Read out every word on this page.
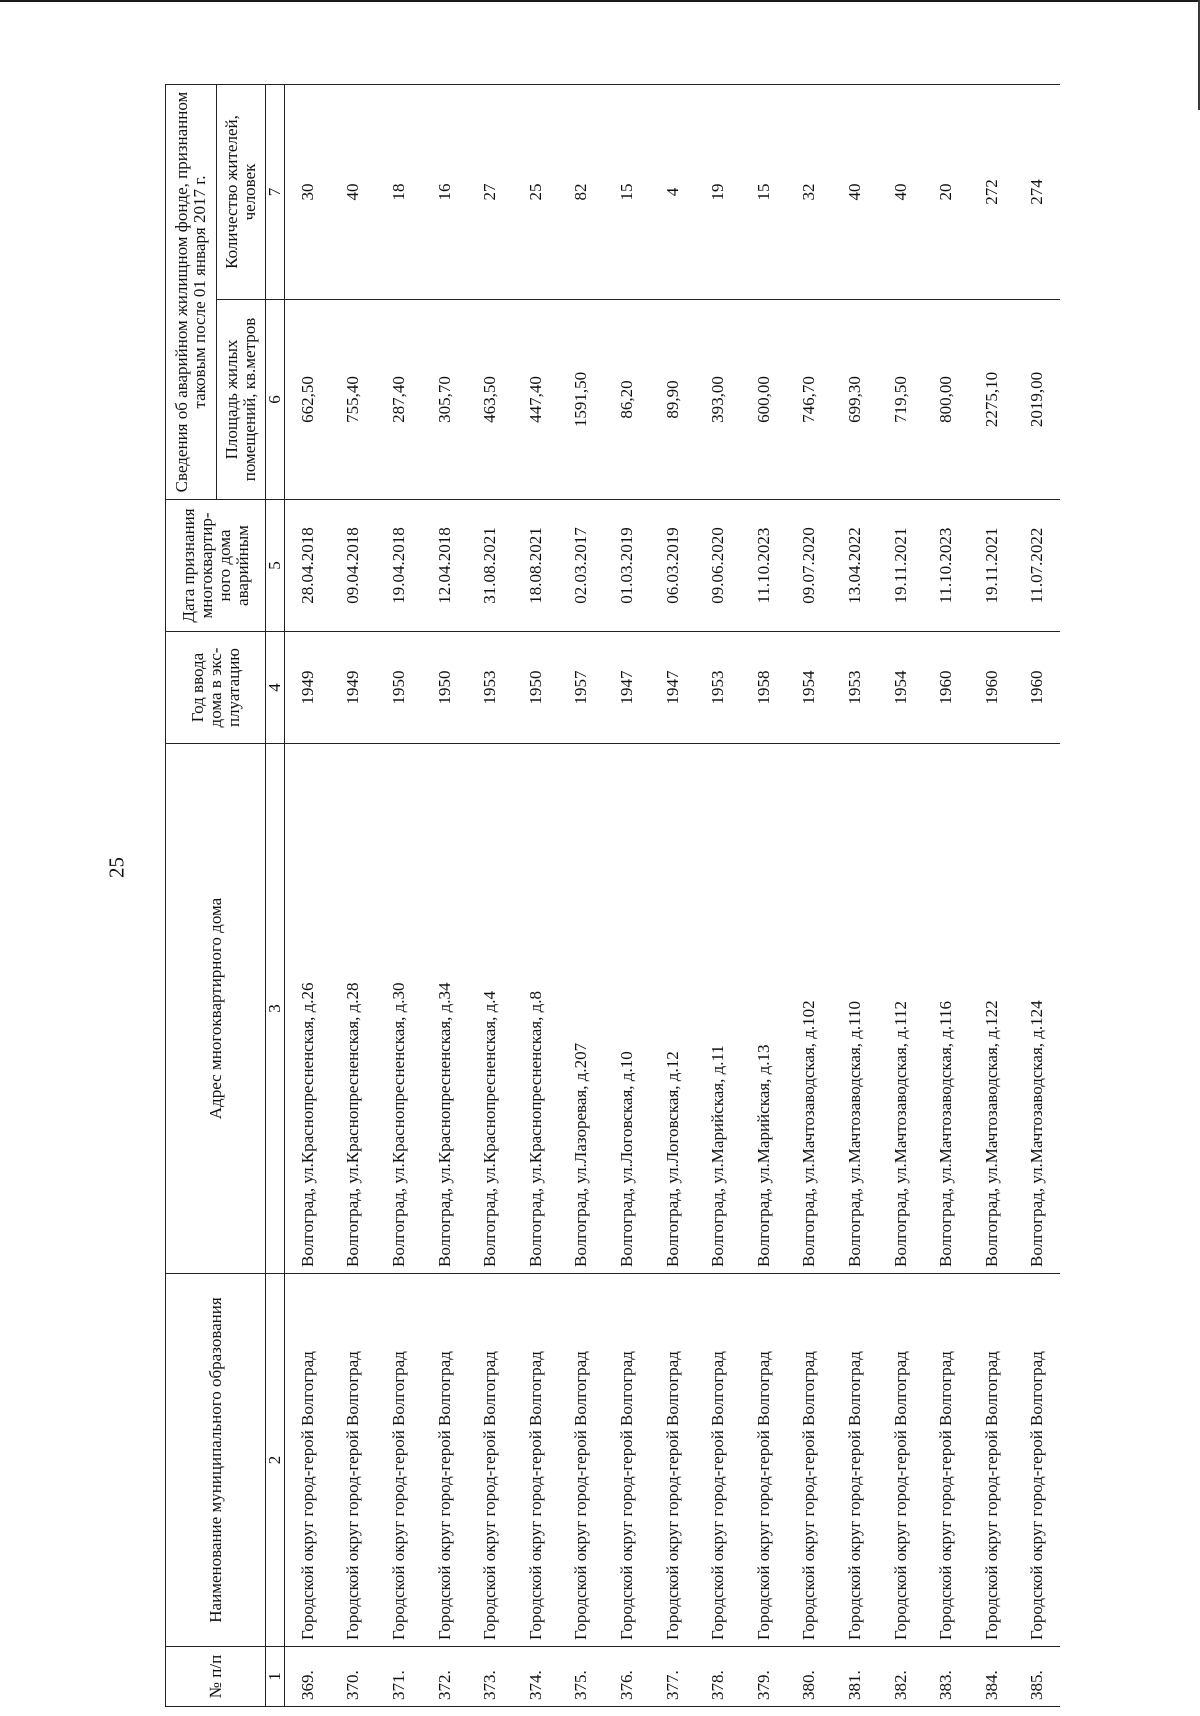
25
№ п/п	Наименование муниципального образования	Адрес многоквартирного дома	Год ввода дома в экс-плуатацию	Дата признания многоквартир-ного дома аварийным	Сведения об аварийном жилищном фонде, признанном таковым после 01 января 2017 г.	
					Площадь жилых помещений, кв.метров	Количество жителей, человек
1	2	3	4	5	6	7
369.	Городской округ город-герой Волгоград	Волгоград, ул.Краснопресненская, д.26	1949	28.04.2018	662,50	30
370.	Городской округ город-герой Волгоград	Волгоград, ул.Краснопресненская, д.28	1949	09.04.2018	755,40	40
371.	Городской округ город-герой Волгоград	Волгоград, ул.Краснопресненская, д.30	1950	19.04.2018	287,40	18
372.	Городской округ город-герой Волгоград	Волгоград, ул.Краснопресненская, д.34	1950	12.04.2018	305,70	16
373.	Городской округ город-герой Волгоград	Волгоград, ул.Краснопресненская, д.4	1953	31.08.2021	463,50	27
374.	Городской округ город-герой Волгоград	Волгоград, ул.Краснопресненская, д.8	1950	18.08.2021	447,40	25
375.	Городской округ город-герой Волгоград	Волгоград, ул.Лазоревая, д.207	1957	02.03.2017	1591,50	82
376.	Городской округ город-герой Волгоград	Волгоград, ул.Логовская, д.10	1947	01.03.2019	86,20	15
377.	Городской округ город-герой Волгоград	Волгоград, ул.Логовская, д.12	1947	06.03.2019	89,90	4
378.	Городской округ город-герой Волгоград	Волгоград, ул.Марийская, д.11	1953	09.06.2020	393,00	19
379.	Городской округ город-герой Волгоград	Волгоград, ул.Марийская, д.13	1958	11.10.2023	600,00	15
380.	Городской округ город-герой Волгоград	Волгоград, ул.Мачтозаводская, д.102	1954	09.07.2020	746,70	32
381.	Городской округ город-герой Волгоград	Волгоград, ул.Мачтозаводская, д.110	1953	13.04.2022	699,30	40
382.	Городской округ город-герой Волгоград	Волгоград, ул.Мачтозаводская, д.112	1954	19.11.2021	719,50	40
383.	Городской округ город-герой Волгоград	Волгоград, ул.Мачтозаводская, д.116	1960	11.10.2023	800,00	20
384.	Городской округ город-герой Волгоград	Волгоград, ул.Мачтозаводская, д.122	1960	19.11.2021	2275,10	272
385.	Городской округ город-герой Волгоград	Волгоград, ул.Мачтозаводская, д.124	1960	11.07.2022	2019,00	274
